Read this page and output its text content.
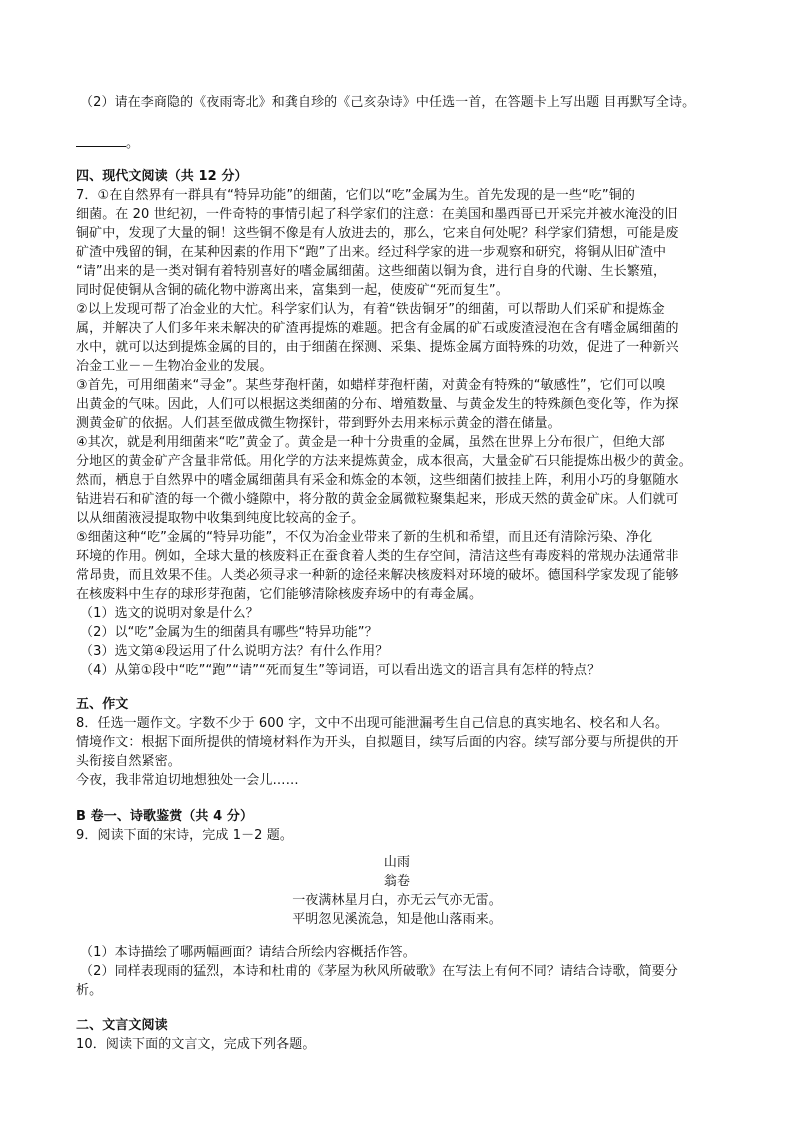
（2）请在李商隐的《夜雨寄北》和龚自珍的《己亥杂诗》中任选一首，在答题卡上写出题 目再默写全诗。
。
四、现代文阅读（共 12 分）
7．①在自然界有一群具有“特异功能”的细菌，它们以“吃”金属为生。首先发现的是一些“吃”铜的
细菌。在 20 世纪初，一件奇特的事情引起了科学家们的注意：在美国和墨西哥已开采完并被水淹没的旧
铜矿中，发现了大量的铜！这些铜不像是有人放进去的，那么，它来自何处呢？科学家们猜想，可能是废
矿渣中残留的铜，在某种因素的作用下“跑”了出来。经过科学家的进一步观察和研究，将铜从旧矿渣中
“请”出来的是一类对铜有着特别喜好的嗜金属细菌。这些细菌以铜为食，进行自身的代谢、生长繁殖，
同时促使铜从含铜的硫化物中游离出来，富集到一起，使废矿“死而复生”。
②以上发现可帮了冶金业的大忙。科学家们认为，有着“铁齿铜牙”的细菌，可以帮助人们采矿和提炼金
属，并解决了人们多年来未解决的矿渣再提炼的难题。把含有金属的矿石或废渣浸泡在含有嗜金属细菌的
水中，就可以达到提炼金属的目的，由于细菌在探测、采集、提炼金属方面特殊的功效，促进了一种新兴
冶金工业－－生物冶金业的发展。
③首先，可用细菌来“寻金”。某些芽孢杆菌，如蜡样芽孢杆菌，对黄金有特殊的“敏感性”，它们可以嗅
出黄金的气味。因此，人们可以根据这类细菌的分布、增殖数量、与黄金发生的特殊颜色变化等，作为探
测黄金矿的依据。人们甚至做成微生物探针，带到野外去用来标示黄金的潜在储量。
④其次，就是利用细菌来“吃”黄金了。黄金是一种十分贵重的金属，虽然在世界上分布很广，但绝大部
分地区的黄金矿产含量非常低。用化学的方法来提炼黄金，成本很高，大量金矿石只能提炼出极少的黄金。
然而，栖息于自然界中的嗜金属细菌具有采金和炼金的本领，这些细菌们披挂上阵，利用小巧的身躯随水
钻进岩石和矿渣的每一个微小缝隙中，将分散的黄金金属微粒聚集起来，形成天然的黄金矿床。人们就可
以从细菌液浸提取物中收集到纯度比较高的金子。
⑤细菌这种“吃”金属的“特异功能”，不仅为冶金业带来了新的生机和希望，而且还有清除污染、净化
环境的作用。例如，全球大量的核废料正在蚕食着人类的生存空间，清洁这些有毒废料的常规办法通常非
常昂贵，而且效果不佳。人类必须寻求一种新的途径来解决核废料对环境的破坏。德国科学家发现了能够
在核废料中生存的球形芽孢菌，它们能够清除核废弃场中的有毒金属。
（1）选文的说明对象是什么？
（2）以“吃”金属为生的细菌具有哪些“特异功能”？
（3）选文第④段运用了什么说明方法？有什么作用？
（4）从第①段中“吃”“跑”“请”“死而复生”等词语，可以看出选文的语言具有怎样的特点？
五、作文
8．任选一题作文。字数不少于 600 字，文中不出现可能泄漏考生自己信息的真实地名、校名和人名。
情境作文：根据下面所提供的情境材料作为开头，自拟题目，续写后面的内容。续写部分要与所提供的开
头衔接自然紧密。
今夜，我非常迫切地想独处一会儿……
B 卷一、诗歌鉴赏（共 4 分）
9．阅读下面的宋诗，完成 1－2 题。
山雨
翁卷
一夜满林星月白，亦无云气亦无雷。
平明忽见溪流急，知是他山落雨来。
（1）本诗描绘了哪两幅画面？请结合所绘内容概括作答。
（2）同样表现雨的猛烈，本诗和杜甫的《茅屋为秋风所破歌》在写法上有何不同？请结合诗歌，简要分
析。
二、文言文阅读
10．阅读下面的文言文，完成下列各题。
